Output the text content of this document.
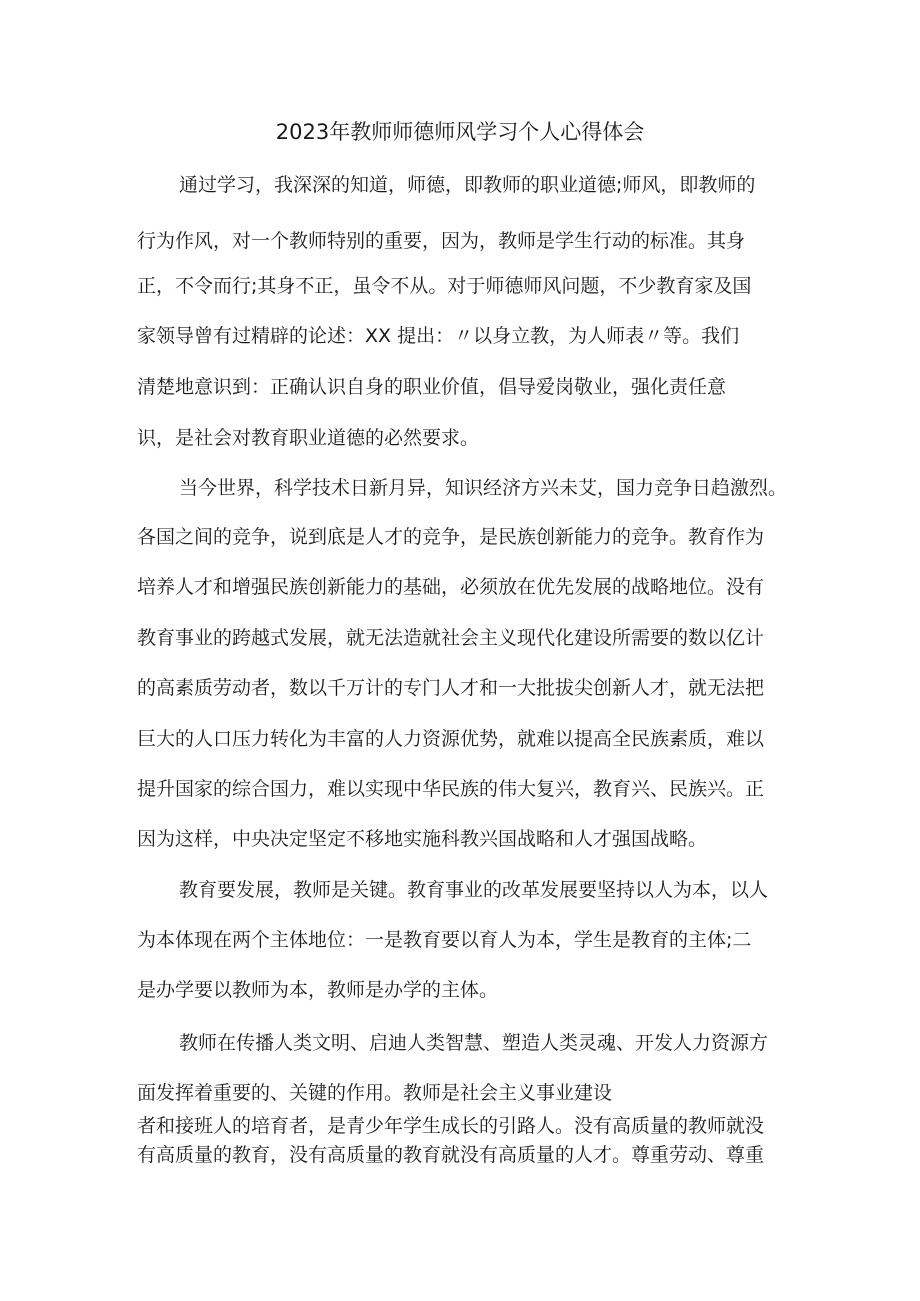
2023年教师师德师风学习个人心得体会
通过学习，我深深的知道，师德，即教师的职业道德;师风，即教师的
行为作风，对一个教师特别的重要，因为，教师是学生行动的标准。其身
正，不令而行;其身不正，虽令不从。对于师德师风问题，不少教育家及国
家领导曾有过精辟的论述：XX 提出：〃以身立教，为人师表〃等。我们
清楚地意识到：正确认识自身的职业价值，倡导爱岗敬业，强化责任意
识，是社会对教育职业道德的必然要求。
当今世界，科学技术日新月异，知识经济方兴未艾，国力竞争日趋激烈。
各国之间的竞争，说到底是人才的竞争，是民族创新能力的竞争。教育作为
培养人才和增强民族创新能力的基础，必须放在优先发展的战略地位。没有
教育事业的跨越式发展，就无法造就社会主义现代化建设所需要的数以亿计
的高素质劳动者，数以千万计的专门人才和一大批拔尖创新人才，就无法把
巨大的人口压力转化为丰富的人力资源优势，就难以提高全民族素质，难以
提升国家的综合国力，难以实现中华民族的伟大复兴，教育兴、民族兴。正
因为这样，中央决定坚定不移地实施科教兴国战略和人才强国战略。
教育要发展，教师是关键。教育事业的改革发展要坚持以人为本，以人
为本体现在两个主体地位：一是教育要以育人为本，学生是教育的主体;二
是办学要以教师为本，教师是办学的主体。
教师在传播人类文明、启迪人类智慧、塑造人类灵魂、开发人力资源方
面发挥着重要的、关键的作用。教师是社会主义事业建设
者和接班人的培育者，是青少年学生成长的引路人。没有高质量的教师就没
有高质量的教育，没有高质量的教育就没有高质量的人才。尊重劳动、尊重
